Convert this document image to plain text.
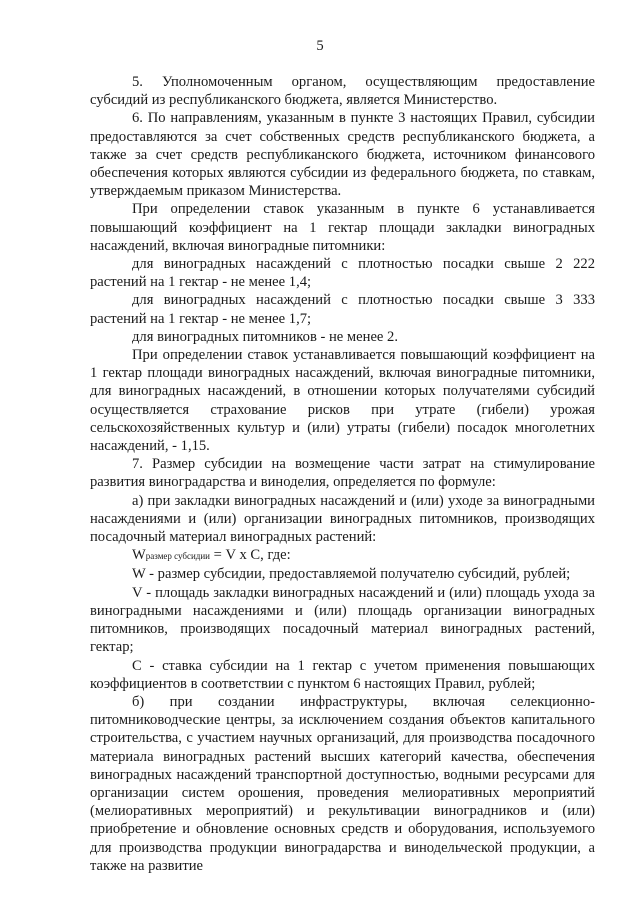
5

5. Уполномоченным органом, осуществляющим предоставление субсидий из республиканского бюджета, является Министерство.

6. По направлениям, указанным в пункте 3 настоящих Правил, субсидии предоставляются за счет собственных средств республиканского бюджета, а также за счет средств республиканского бюджета, источником финансового обеспечения которых являются субсидии из федерального бюджета, по ставкам, утверждаемым приказом Министерства.

При определении ставок указанным в пункте 6 устанавливается повышающий коэффициент на 1 гектар площади закладки виноградных насаждений, включая виноградные питомники:

для виноградных насаждений с плотностью посадки свыше 2 222 растений на 1 гектар - не менее 1,4;

для виноградных насаждений с плотностью посадки свыше 3 333 растений на 1 гектар - не менее 1,7;

для виноградных питомников - не менее 2.

При определении ставок устанавливается повышающий коэффициент на 1 гектар площади виноградных насаждений, включая виноградные питомники, для виноградных насаждений, в отношении которых получателями субсидий осуществляется страхование рисков при утрате (гибели) урожая сельскохозяйственных культур и (или) утраты (гибели) посадок многолетних насаждений, - 1,15.

7. Размер субсидии на возмещение части затрат на стимулирование развития виноградарства и виноделия, определяется по формуле:

а) при закладки виноградных насаждений и (или) уходе за виноградными насаждениями и (или) организации виноградных питомников, производящих посадочный материал виноградных растений:

Wразмер субсидии = V x C, где:

W - размер субсидии, предоставляемой получателю субсидий, рублей;

V - площадь закладки виноградных насаждений и (или) площадь ухода за виноградными насаждениями и (или) площадь организации виноградных питомников, производящих посадочный материал виноградных растений, гектар;

C - ставка субсидии на 1 гектар с учетом применения повышающих коэффициентов в соответствии с пунктом 6 настоящих Правил, рублей;

б) при создании инфраструктуры, включая селекционно-питомниководческие центры, за исключением создания объектов капитального строительства, с участием научных организаций, для производства посадочного материала виноградных растений высших категорий качества, обеспечения виноградных насаждений транспортной доступностью, водными ресурсами для организации систем орошения, проведения мелиоративных мероприятий (мелиоративных мероприятий) и рекультивации виноградников и (или) приобретение и обновление основных средств и оборудования, используемого для производства продукции виноградарства и винодельческой продукции, а также на развитие
